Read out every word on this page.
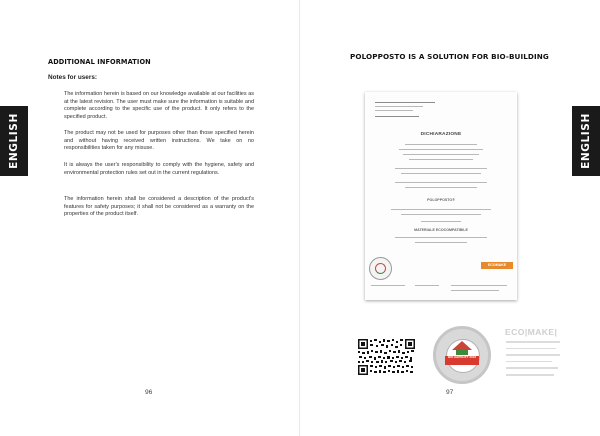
ENGLISH
ADDITIONAL INFORMATION
Notes for users:

The information herein is based on our knowledge available at our facilities as at the latest revision. The user must make sure the information is suitable and complete according to the specific use of the product. It only refers to the specified product.

The product may not be used for purposes other than those specified herein and without having received written instructions. We take on no responsibilities taken for any misuse.

It is always the user's responsibility to comply with the hygiene, safety and environmental protection rules set out in the current regulations.

The information herein shall be considered a description of the product's features for safety purposes; it shall not be considered as a warranty on the properties of the product itself.

96
POLOPPOSTO IS A SOLUTION FOR BIO-BUILDING
ENGLISH
DICHIARAZIONE
POLOPPOSTO®
MATERIALE ECOCOMPATIBILE
ECOMAKE
BIO GEPRUFT 2016
ECO|MAKE|
97
